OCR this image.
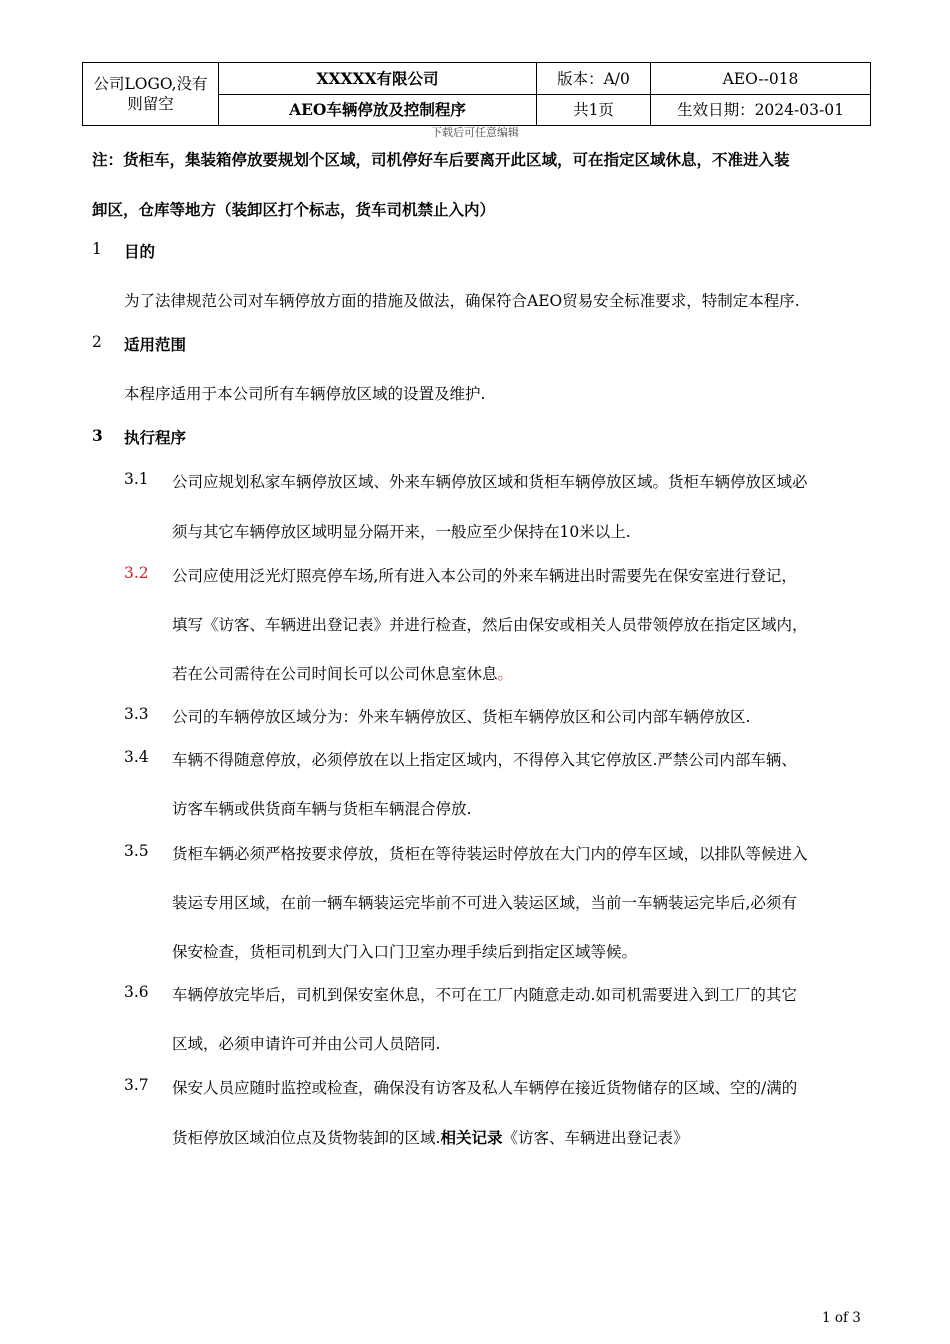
公司LOGO,没有则留空	XXXXX有限公司	版本：A/0	AEO--018
	AEO车辆停放及控制程序	共1页	生效日期：2024-03-01
下载后可任意编辑
注：货柜车，集装箱停放要规划个区域，司机停好车后要离开此区域，可在指定区域休息，不准进入装
卸区，仓库等地方（装卸区打个标志，货车司机禁止入内）
1 目的
为了法律规范公司对车辆停放方面的措施及做法，确保符合AEO贸易安全标准要求，特制定本程序.
2 适用范围
本程序适用于本公司所有车辆停放区域的设置及维护.
3 执行程序
3.1 公司应规划私家车辆停放区域、外来车辆停放区域和货柜车辆停放区域。货柜车辆停放区域必
须与其它车辆停放区域明显分隔开来，一般应至少保持在10米以上.
3.2 公司应使用泛光灯照亮停车场,所有进入本公司的外来车辆进出时需要先在保安室进行登记，
填写《访客、车辆进出登记表》并进行检查，然后由保安或相关人员带领停放在指定区域内，
若在公司需待在公司时间长可以公司休息室休息。
3.3 公司的车辆停放区域分为：外来车辆停放区、货柜车辆停放区和公司内部车辆停放区.
3.4 车辆不得随意停放，必须停放在以上指定区域内，不得停入其它停放区.严禁公司内部车辆、
访客车辆或供货商车辆与货柜车辆混合停放.
3.5 货柜车辆必须严格按要求停放，货柜在等待装运时停放在大门内的停车区域，以排队等候进入
装运专用区域，在前一辆车辆装运完毕前不可进入装运区域，当前一车辆装运完毕后,必须有
保安检查，货柜司机到大门入口门卫室办理手续后到指定区域等候。
3.6 车辆停放完毕后，司机到保安室休息，不可在工厂内随意走动.如司机需要进入到工厂的其它
区域，必须申请许可并由公司人员陪同.
3.7 保安人员应随时监控或检查，确保没有访客及私人车辆停在接近货物储存的区域、空的/满的
货柜停放区域泊位点及货物装卸的区域.相关记录《访客、车辆进出登记表》
1 of 3
